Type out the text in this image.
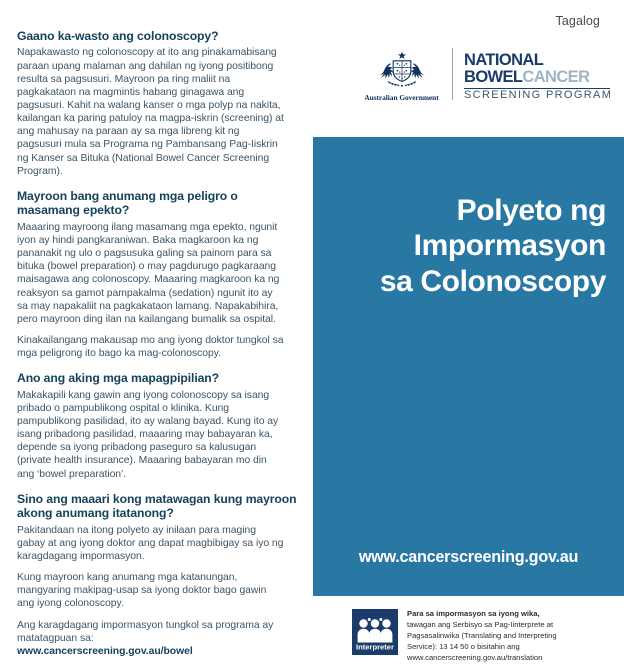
Gaano ka-wasto ang colonoscopy?

Napakawasto ng colonoscopy at ito ang pinakamabisang paraan upang malaman ang dahilan ng iyong positibong resulta sa pagsusuri. Mayroon pa ring maliit na pagkakataon na magmintis habang ginagawa ang pagsusuri. Kahit na walang kanser o mga polyp na nakita, kailangan ka paring patuloy na magpa-iskrin (screening) at ang mahusay na paraan ay sa mga libreng kit ng pagsusuri mula sa Programa ng Pambansang Pag-Iiskrin ng Kanser sa Bituka (National Bowel Cancer Screening Program).

Mayroon bang anumang mga peligro o masamang epekto?

Maaaring mayroong ilang masamang mga epekto, ngunit iyon ay hindi pangkaraniwan. Baka magkaroon ka ng pananakit ng ulo o pagsusuka galing sa painom para sa bituka (bowel preparation) o may pagdurugo pagkaraang maisagawa ang colonoscopy. Maaaring magkaroon ka ng reaksyon sa gamot pampakalma (sedation) ngunit ito ay sa may napakaliit na pagkakataon lamang. Napakabihira, pero mayroon ding ilan na kailangang bumalik sa ospital.

Kinakailangang makausap mo ang iyong doktor tungkol sa mga peligrong ito bago ka mag-colonoscopy.

Ano ang aking mga mapagpipilian?

Makakapili kang gawin ang iyong colonoscopy sa isang pribado o pampublikong ospital o klinika. Kung pampublikong pasilidad, ito ay walang bayad. Kung ito ay isang pribadong pasilidad, maaaring may babayaran ka, depende sa iyong pribadong paseguro sa kalusugan (private health insurance). Maaaring babayaran mo din ang ‘bowel preparation’.

Sino ang maaari kong matawagan kung mayroon akong anumang itatanong?

Pakitandaan na itong polyeto ay inilaan para maging gabay at ang iyong doktor ang dapat magbibigay sa iyo ng karagdagang impormasyon.

Kung mayroon kang anumang mga katanungan, mangyaring makipag-usap sa iyong doktor bago gawin ang iyong colonoscopy.

Ang karagdagang impormasyon tungkol sa programa ay matatagpuan sa:

www.cancerscreening.gov.au/bowel

Tagalog
Australian Government
NATIONAL
BOWELCANCER
SCREENING PROGRAM
Polyeto ng
Impormasyon
sa Colonoscopy
www.cancerscreening.gov.au
Interpreter
Para sa impormasyon sa iyong wika,
tawagan ang Serbisyo sa Pag-Iinterprete at
Pagsasalinwika (Translating and Interpreting
Service): 13 14 50 o bisitahin ang
www.cancerscreening.gov.au/translation
